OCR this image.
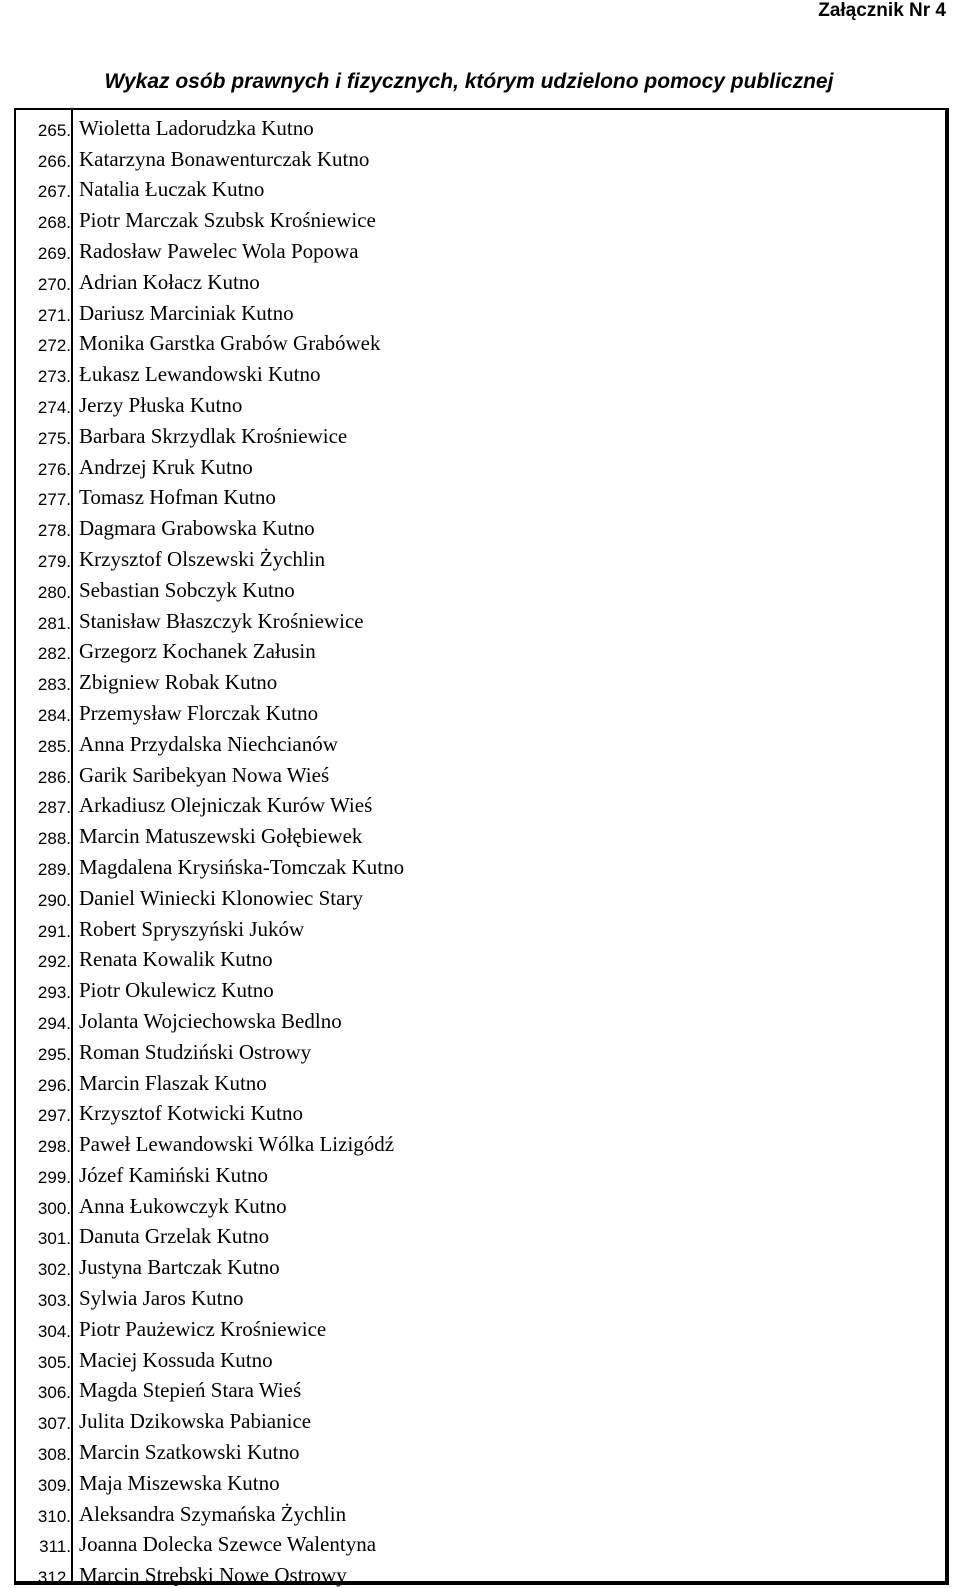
Załącznik Nr 4
Wykaz osób prawnych i fizycznych, którym udzielono pomocy publicznej
265. Wioletta Ladorudzka Kutno
266. Katarzyna Bonawenturczak Kutno
267. Natalia Łuczak Kutno
268. Piotr Marczak Szubsk Krośniewice
269. Radosław Pawelec Wola Popowa
270. Adrian Kołacz Kutno
271. Dariusz Marciniak Kutno
272. Monika Garstka Grabów Grabówek
273. Łukasz Lewandowski Kutno
274. Jerzy Płuska Kutno
275. Barbara Skrzydlak Krośniewice
276. Andrzej Kruk Kutno
277. Tomasz Hofman Kutno
278. Dagmara Grabowska Kutno
279. Krzysztof Olszewski Żychlin
280. Sebastian Sobczyk Kutno
281. Stanisław Błaszczyk Krośniewice
282. Grzegorz Kochanek Załusin
283. Zbigniew Robak Kutno
284. Przemysław Florczak Kutno
285. Anna Przydalska Niechcianów
286. Garik Saribekyan Nowa Wieś
287. Arkadiusz Olejniczak Kurów Wieś
288. Marcin Matuszewski Gołębiewek
289. Magdalena Krysińska-Tomczak Kutno
290. Daniel Winiecki Klonowiec Stary
291. Robert Spryszyński Juków
292. Renata Kowalik Kutno
293. Piotr Okulewicz Kutno
294. Jolanta Wojciechowska Bedlno
295. Roman Studziński Ostrowy
296. Marcin Flaszak Kutno
297. Krzysztof Kotwicki Kutno
298. Paweł Lewandowski Wólka Lizigódź
299. Józef Kamiński Kutno
300. Anna Łukowczyk Kutno
301. Danuta Grzelak Kutno
302. Justyna Bartczak Kutno
303. Sylwia Jaros Kutno
304. Piotr Paużewicz Krośniewice
305. Maciej Kossuda Kutno
306. Magda Stepień Stara Wieś
307. Julita Dzikowska Pabianice
308. Marcin Szatkowski Kutno
309. Maja Miszewska Kutno
310. Aleksandra Szymańska Żychlin
311. Joanna Dolecka Szewce Walentyna
312. Marcin Strębski Nowe Ostrowy
